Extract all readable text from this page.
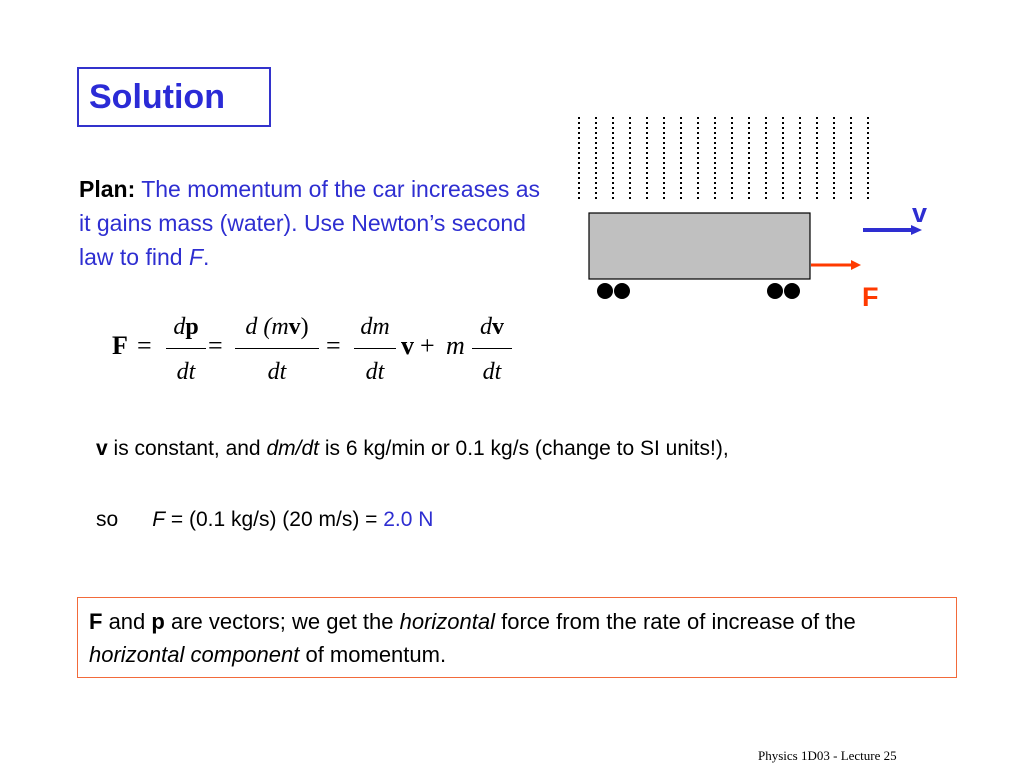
Solution
Plan: The momentum of the car increases as it gains mass (water). Use Newton’s second law to find F.
F =
dp
dt
=
d (mv)
dt
=
dm
dt
v + m
dv
dt
v is constant, and dm/dt is 6 kg/min or 0.1 kg/s (change to SI units!),
so F = (0.1 kg/s) (20 m/s) = 2.0 N
F and p are vectors; we get the horizontal force from the rate of increase of the horizontal component of momentum.
v
F
Physics 1D03 - Lecture 25
